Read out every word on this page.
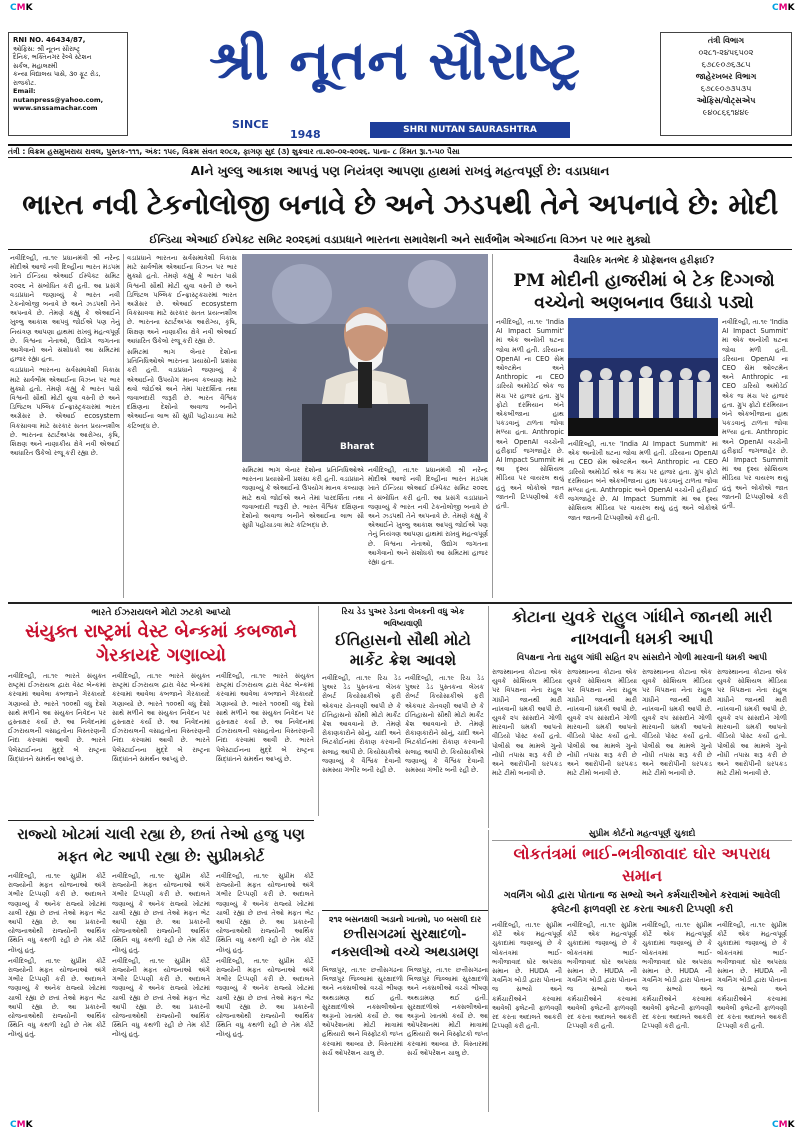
CMK	CMK
RNI NO. 46434/87,
ઓફિસ: શ્રી નૂતન સૌરાષ્ટ્ર
દૈનિક, ભક્તિનગર રેલ્વે સ્ટેશન
સર્કલ, મહાલક્ષ્મી
કન્યા વિદ્યાલય પાસે, ૩૦ ફૂટ રોડ,
રાજકોટ.
Email:
nutanpress@yahoo.com,
www.snssamachar.com
શ્રી નૂતન સૌરાષ્ટ્ર
SINCE
1948	SHRI NUTAN SAURASHTRA
તંત્રી વિભાગ
૦૨૮૧-૨૪૫૬૫૦૨
૬૭૮૯૦૭૬૩૮૫
જાહેરખબર વિભાગ
૬૭૮૯૦૭૩૫૩૫
ઓફિસ/વોટ્સએપ
૯૪૦૮૬૬૧૪૪૯
તંત્રી : વિક્રમ હસમુખરાય રાવલ, પુસ્તક-૧૧૧, અંક: ૧૫૯, વિક્રમ સંવત ૨૦૮૨, ફાગણ સુદ (૩) શુક્રવાર તા.૨૦-૦૨-૨૦૨૬. પાના- ૮ કિંમત રૂા.૧-૫૦ પૈસા
AIને ખુલ્લુ આકાશ આપવું પણ નિયંત્રણ આપણા હાથમાં રાખવું મહત્વપૂર્ણ છે: વડાપ્રધાન
ભારત નવી ટેકનોલોજી બનાવે છે અને ઝડપથી તેને અપનાવે છે: મોદી
ઈન્ડિયા એઆઈ ઈમ્પેક્ટ સમિટ ૨૦૨૬માં વડાપ્રધાને ભારતના સમાવેશની અને સાર્વભૌમ એઆઈના વિઝન પર ભાર મુક્યો

નવીદિલ્હી, તા.૧૯ પ્રધાનમંત્રી શ્રી નરેન્દ્ર મોદીએ આજે નવી દિલ્હીના ભારત મંડપમ ખાતે ઈન્ડિયા એઆઈ ઈમ્પેક્ટ સમિટ ૨૦૨૬ ને સંબોધિત કરી હતી. આ પ્રસંગે વડાપ્રધાને જણાવ્યું કે ભારત નવી ટેકનોલોજી બનાવે છે અને ઝડપથી તેને અપનાવે છે. તેમણે કહ્યું કે એઆઈને ખુલ્લુ આકાશ આપવું જોઈએ પણ તેનું નિયંત્રણ આપણા હાથમાં રાખવું મહત્વપૂર્ણ છે. વિશ્વના નેતાઓ, ઉદ્યોગ જગતના આગેવાનો અને સંશોધકો આ સમિટમાં હાજર રહ્યા હતા.

વડાપ્રધાને ભારતના સર્વસમાવેશી વિકાસ માટે સાર્વભૌમ એઆઈના વિઝન પર ભાર મુક્યો હતો. તેમણે કહ્યું કે ભારત પાસે વિશ્વની સૌથી મોટી યુવા વસ્તી છે અને ડિજિટલ પબ્લિક ઈન્ફ્રાસ્ટ્રક્ચરમાં ભારત અગ્રેસર છે. એઆઈ ecosystem વિકસાવવા માટે સરકાર સતત પ્રયત્નશીલ છે. ભારતના સ્ટાર્ટઅપ્સ આરોગ્ય, કૃષિ, શિક્ષણ અને નાણાકીય ક્ષેત્રે નવી એઆઈ આધારિત ઉકેલો રજૂ કરી રહ્યા છે.

વડાપ્રધાને ભારતના સર્વસમાવેશી વિકાસ માટે સાર્વભૌમ એઆઈના વિઝન પર ભાર મુક્યો હતો. તેમણે કહ્યું કે ભારત પાસે વિશ્વની સૌથી મોટી યુવા વસ્તી છે અને ડિજિટલ પબ્લિક ઈન્ફ્રાસ્ટ્રક્ચરમાં ભારત અગ્રેસર છે. એઆઈ ecosystem વિકસાવવા માટે સરકાર સતત પ્રયત્નશીલ છે. ભારતના સ્ટાર્ટઅપ્સ આરોગ્ય, કૃષિ, શિક્ષણ અને નાણાકીય ક્ષેત્રે નવી એઆઈ આધારિત ઉકેલો રજૂ કરી રહ્યા છે.

સમિટમાં ભાગ લેનાર દેશોના પ્રતિનિધિઓએ ભારતના પ્રયાસોની પ્રશંસા કરી હતી. વડાપ્રધાને જણાવ્યું કે એઆઈનો ઉપયોગ માનવ કલ્યાણ માટે થવો જોઈએ અને તેમાં પારદર્શિતા તથા જવાબદારી જરૂરી છે. ભારત વૈશ્વિક દક્ષિણના દેશોનો અવાજ બનીને એઆઈના લાભ સૌ સુધી પહોંચાડવા માટે કટિબદ્ધ છે.

Bharat

સમિટમાં ભાગ લેનાર દેશોના પ્રતિનિધિઓએ ભારતના પ્રયાસોની પ્રશંસા કરી હતી. વડાપ્રધાને જણાવ્યું કે એઆઈનો ઉપયોગ માનવ કલ્યાણ માટે થવો જોઈએ અને તેમાં પારદર્શિતા તથા જવાબદારી જરૂરી છે. ભારત વૈશ્વિક દક્ષિણના દેશોનો અવાજ બનીને એઆઈના લાભ સૌ સુધી પહોંચાડવા માટે કટિબદ્ધ છે.

નવીદિલ્હી, તા.૧૯ પ્રધાનમંત્રી શ્રી નરેન્દ્ર મોદીએ આજે નવી દિલ્હીના ભારત મંડપમ ખાતે ઈન્ડિયા એઆઈ ઈમ્પેક્ટ સમિટ ૨૦૨૬ ને સંબોધિત કરી હતી. આ પ્રસંગે વડાપ્રધાને જણાવ્યું કે ભારત નવી ટેકનોલોજી બનાવે છે અને ઝડપથી તેને અપનાવે છે. તેમણે કહ્યું કે એઆઈને ખુલ્લુ આકાશ આપવું જોઈએ પણ તેનું નિયંત્રણ આપણા હાથમાં રાખવું મહત્વપૂર્ણ છે. વિશ્વના નેતાઓ, ઉદ્યોગ જગતના આગેવાનો અને સંશોધકો આ સમિટમાં હાજર રહ્યા હતા.

વૈચારિક મતભેદ કે પ્રોફેશનલ હરીફાઈ?
PM મોદીની હાજરીમાં બે ટેક દિગ્ગજો વચ્ચેનો અણબનાવ ઉઘાડો પડ્યો

નવીદિલ્હી, તા.૧૯ 'India AI Impact Summit' માં એક અનોખી ઘટના જોવા મળી હતી. ડરિયાના OpenAI ના CEO સેમ ઓલ્ટમેન અને Anthropic ના CEO ડારિયો અમોડેઈ એક જ મંચ પર હાજર હતા. ગ્રુપ ફોટો દરમિયાન બંને એકબીજાના હાથ પકડવાનું ટાળતા જોવા મળ્યા હતા. Anthropic અને OpenAI વચ્ચેની હરીફાઈ જગજાહેર છે. AI Impact Summit માં આ દૃશ્ય સોશિયલ મીડિયા પર વાયરલ થયું હતું અને લોકોએ જાત જાતની ટિપ્પણીઓ કરી હતી.

નવીદિલ્હી, તા.૧૯ 'India AI Impact Summit' માં એક અનોખી ઘટના જોવા મળી હતી. ડરિયાના OpenAI ના CEO સેમ ઓલ્ટમેન અને Anthropic ના CEO ડારિયો અમોડેઈ એક જ મંચ પર હાજર હતા. ગ્રુપ ફોટો દરમિયાન બંને એકબીજાના હાથ પકડવાનું ટાળતા જોવા મળ્યા હતા. Anthropic અને OpenAI વચ્ચેની હરીફાઈ જગજાહેર છે. AI Impact Summit માં આ દૃશ્ય સોશિયલ મીડિયા પર વાયરલ થયું હતું અને લોકોએ જાત જાતની ટિપ્પણીઓ કરી હતી.

નવીદિલ્હી, તા.૧૯ 'India AI Impact Summit' માં એક અનોખી ઘટના જોવા મળી હતી. ડરિયાના OpenAI ના CEO સેમ ઓલ્ટમેન અને Anthropic ના CEO ડારિયો અમોડેઈ એક જ મંચ પર હાજર હતા. ગ્રુપ ફોટો દરમિયાન બંને એકબીજાના હાથ પકડવાનું ટાળતા જોવા મળ્યા હતા. Anthropic અને OpenAI વચ્ચેની હરીફાઈ જગજાહેર છે. AI Impact Summit માં આ દૃશ્ય સોશિયલ મીડિયા પર વાયરલ થયું હતું અને લોકોએ જાત જાતની ટિપ્પણીઓ કરી હતી.

ભારતે ઈઝરાયલને મોટો ઝટકો આપ્યો
સંયુક્ત રાષ્ટ્રમાં વેસ્ટ બેન્કમાં કબજાને ગેરકાયદે ગણાવ્યો

નવીદિલ્હી, તા.૧૯ ભારતે સંયુક્ત રાષ્ટ્રમાં ઈઝરાયલ દ્વારા વેસ્ટ બેન્કમાં કરવામાં આવેલા કબજાને ગેરકાયદે ગણાવ્યો છે. ભારતે ૧૦૦થી વધુ દેશો સાથે મળીને આ સંયુક્ત નિવેદન પર હસ્તાક્ષર કર્યા છે. આ નિવેદનમાં ઈઝરાયલની વસાહતોના વિસ્તરણની નિંદા કરવામાં આવી છે. ભારતે પેલેસ્ટાઈનના મુદ્દે બે રાષ્ટ્રના સિદ્ધાંતને સમર્થન આપ્યું છે.

નવીદિલ્હી, તા.૧૯ ભારતે સંયુક્ત રાષ્ટ્રમાં ઈઝરાયલ દ્વારા વેસ્ટ બેન્કમાં કરવામાં આવેલા કબજાને ગેરકાયદે ગણાવ્યો છે. ભારતે ૧૦૦થી વધુ દેશો સાથે મળીને આ સંયુક્ત નિવેદન પર હસ્તાક્ષર કર્યા છે. આ નિવેદનમાં ઈઝરાયલની વસાહતોના વિસ્તરણની નિંદા કરવામાં આવી છે. ભારતે પેલેસ્ટાઈનના મુદ્દે બે રાષ્ટ્રના સિદ્ધાંતને સમર્થન આપ્યું છે.

નવીદિલ્હી, તા.૧૯ ભારતે સંયુક્ત રાષ્ટ્રમાં ઈઝરાયલ દ્વારા વેસ્ટ બેન્કમાં કરવામાં આવેલા કબજાને ગેરકાયદે ગણાવ્યો છે. ભારતે ૧૦૦થી વધુ દેશો સાથે મળીને આ સંયુક્ત નિવેદન પર હસ્તાક્ષર કર્યા છે. આ નિવેદનમાં ઈઝરાયલની વસાહતોના વિસ્તરણની નિંદા કરવામાં આવી છે. ભારતે પેલેસ્ટાઈનના મુદ્દે બે રાષ્ટ્રના સિદ્ધાંતને સમર્થન આપ્યું છે.

રિચ ડેડ પુઅર ડેડના લેખકની વધુ એક ભવિષ્યવાણી
ઈતિહાસનો સૌથી મોટો માર્કેટ ક્રેશ આવશે

નવીદિલ્હી, તા.૧૯ રિચ ડેડ પુઅર ડેડ પુસ્તકના લેખક રોબર્ટ કિયોસાકીએ ફરી એકવાર ચેતવણી આપી છે કે ઈતિહાસનો સૌથી મોટો માર્કેટ ક્રેશ આવવાનો છે. તેમણે રોકાણકારોને સોનું, ચાંદી અને બિટકોઈનમાં રોકાણ કરવાની સલાહ આપી છે. કિયોસાકીએ જણાવ્યું કે વૈશ્વિક દેવાની સમસ્યા ગંભીર બની રહી છે.

નવીદિલ્હી, તા.૧૯ રિચ ડેડ પુઅર ડેડ પુસ્તકના લેખક રોબર્ટ કિયોસાકીએ ફરી એકવાર ચેતવણી આપી છે કે ઈતિહાસનો સૌથી મોટો માર્કેટ ક્રેશ આવવાનો છે. તેમણે રોકાણકારોને સોનું, ચાંદી અને બિટકોઈનમાં રોકાણ કરવાની સલાહ આપી છે. કિયોસાકીએ જણાવ્યું કે વૈશ્વિક દેવાની સમસ્યા ગંભીર બની રહી છે.

કોટાના યુવકે રાહુલ ગાંધીને જાનથી મારી નાખવાની ધમકી આપી
વિપક્ષના નેતા રાહુલ ગાંધી સહિત ૨૫ સાંસદોને ગોળી મારવાની ધમકી આપી

રાજસ્થાનના કોટાના એક યુવકે સોશિયલ મીડિયા પર વિપક્ષના નેતા રાહુલ ગાંધીને જાનથી મારી નાખવાની ધમકી આપી છે. યુવકે ૨૫ સાંસદોને ગોળી મારવાની ધમકી આપતો વીડિયો પોસ્ટ કર્યો હતો. પોલીસે આ મામલે ગુનો નોંધી તપાસ શરૂ કરી છે અને આરોપીની ધરપકડ માટે ટીમો બનાવી છે.

રાજસ્થાનના કોટાના એક યુવકે સોશિયલ મીડિયા પર વિપક્ષના નેતા રાહુલ ગાંધીને જાનથી મારી નાખવાની ધમકી આપી છે. યુવકે ૨૫ સાંસદોને ગોળી મારવાની ધમકી આપતો વીડિયો પોસ્ટ કર્યો હતો. પોલીસે આ મામલે ગુનો નોંધી તપાસ શરૂ કરી છે અને આરોપીની ધરપકડ માટે ટીમો બનાવી છે.

રાજસ્થાનના કોટાના એક યુવકે સોશિયલ મીડિયા પર વિપક્ષના નેતા રાહુલ ગાંધીને જાનથી મારી નાખવાની ધમકી આપી છે. યુવકે ૨૫ સાંસદોને ગોળી મારવાની ધમકી આપતો વીડિયો પોસ્ટ કર્યો હતો. પોલીસે આ મામલે ગુનો નોંધી તપાસ શરૂ કરી છે અને આરોપીની ધરપકડ માટે ટીમો બનાવી છે.

રાજસ્થાનના કોટાના એક યુવકે સોશિયલ મીડિયા પર વિપક્ષના નેતા રાહુલ ગાંધીને જાનથી મારી નાખવાની ધમકી આપી છે. યુવકે ૨૫ સાંસદોને ગોળી મારવાની ધમકી આપતો વીડિયો પોસ્ટ કર્યો હતો. પોલીસે આ મામલે ગુનો નોંધી તપાસ શરૂ કરી છે અને આરોપીની ધરપકડ માટે ટીમો બનાવી છે.

રાજ્યો ખોટમાં ચાલી રહ્યા છે, છતાં તેઓ હજુ પણ મફત ભેટ આપી રહ્યા છે: સુપ્રીમકોર્ટ

નવીદિલ્હી, તા.૧૯ સુપ્રીમ કોર્ટે રાજ્યોની મફત યોજનાઓ અંગે ગંભીર ટિપ્પણી કરી છે. અદાલતે જણાવ્યું કે અનેક રાજ્યો ખોટમાં ચાલી રહ્યા છે છતાં તેઓ મફત ભેટ આપી રહ્યા છે. આ પ્રકારની યોજનાઓથી રાજ્યોની આર્થિક સ્થિતિ વધુ કથળી રહી છે તેમ કોર્ટે નોંધ્યું હતું.

નવીદિલ્હી, તા.૧૯ સુપ્રીમ કોર્ટે રાજ્યોની મફત યોજનાઓ અંગે ગંભીર ટિપ્પણી કરી છે. અદાલતે જણાવ્યું કે અનેક રાજ્યો ખોટમાં ચાલી રહ્યા છે છતાં તેઓ મફત ભેટ આપી રહ્યા છે. આ પ્રકારની યોજનાઓથી રાજ્યોની આર્થિક સ્થિતિ વધુ કથળી રહી છે તેમ કોર્ટે નોંધ્યું હતું.

નવીદિલ્હી, તા.૧૯ સુપ્રીમ કોર્ટે રાજ્યોની મફત યોજનાઓ અંગે ગંભીર ટિપ્પણી કરી છે. અદાલતે જણાવ્યું કે અનેક રાજ્યો ખોટમાં ચાલી રહ્યા છે છતાં તેઓ મફત ભેટ આપી રહ્યા છે. આ પ્રકારની યોજનાઓથી રાજ્યોની આર્થિક સ્થિતિ વધુ કથળી રહી છે તેમ કોર્ટે નોંધ્યું હતું.

નવીદિલ્હી, તા.૧૯ સુપ્રીમ કોર્ટે રાજ્યોની મફત યોજનાઓ અંગે ગંભીર ટિપ્પણી કરી છે. અદાલતે જણાવ્યું કે અનેક રાજ્યો ખોટમાં ચાલી રહ્યા છે છતાં તેઓ મફત ભેટ આપી રહ્યા છે. આ પ્રકારની યોજનાઓથી રાજ્યોની આર્થિક સ્થિતિ વધુ કથળી રહી છે તેમ કોર્ટે નોંધ્યું હતું.

નવીદિલ્હી, તા.૧૯ સુપ્રીમ કોર્ટે રાજ્યોની મફત યોજનાઓ અંગે ગંભીર ટિપ્પણી કરી છે. અદાલતે જણાવ્યું કે અનેક રાજ્યો ખોટમાં ચાલી રહ્યા છે છતાં તેઓ મફત ભેટ આપી રહ્યા છે. આ પ્રકારની યોજનાઓથી રાજ્યોની આર્થિક સ્થિતિ વધુ કથળી રહી છે તેમ કોર્ટે નોંધ્યું હતું.

નવીદિલ્હી, તા.૧૯ સુપ્રીમ કોર્ટે રાજ્યોની મફત યોજનાઓ અંગે ગંભીર ટિપ્પણી કરી છે. અદાલતે જણાવ્યું કે અનેક રાજ્યો ખોટમાં ચાલી રહ્યા છે છતાં તેઓ મફત ભેટ આપી રહ્યા છે. આ પ્રકારની યોજનાઓથી રાજ્યોની આર્થિક સ્થિતિ વધુ કથળી રહી છે તેમ કોર્ટે નોંધ્યું હતું.

૨૧૨ બસનક્ષલી અડાનો ખાતમો, ૫૦ બસલી દાર
છત્તીસગઢમાં સુરક્ષાદળો-નક્સલીઓ વચ્ચે અથડામણ

બિજાપુર, તા.૧૯ છત્તીસગઢના બિજાપુર જિલ્લામાં સુરક્ષાદળો અને નક્સલીઓ વચ્ચે ભીષણ અથડામણ થઈ હતી. સુરક્ષાદળોએ નક્સલીઓના અડ્ડાનો ખાતમો કર્યો છે. આ ઓપરેશનમાં મોટી માત્રામાં હથિયારો અને વિસ્ફોટકો જપ્ત કરવામાં આવ્યા છે. વિસ્તારમાં સર્ચ ઓપરેશન ચાલુ છે.

બિજાપુર, તા.૧૯ છત્તીસગઢના બિજાપુર જિલ્લામાં સુરક્ષાદળો અને નક્સલીઓ વચ્ચે ભીષણ અથડામણ થઈ હતી. સુરક્ષાદળોએ નક્સલીઓના અડ્ડાનો ખાતમો કર્યો છે. આ ઓપરેશનમાં મોટી માત્રામાં હથિયારો અને વિસ્ફોટકો જપ્ત કરવામાં આવ્યા છે. વિસ્તારમાં સર્ચ ઓપરેશન ચાલુ છે.

સુપ્રીમ કોર્ટનો મહત્વપૂર્ણ ચુકાદો
લોકતંત્રમાં ભાઈ-ભત્રીજાવાદ ઘોર અપરાધ સમાન
ગવર્નિંગ બોડી દ્વારા પોતાના જ સભ્યો અને કર્મચારીઓને કરવામાં આવેલી ફ્લેટની ફાળવણી રદ કરતા આકરી ટિપ્પણી કરી

નવીદિલ્હી, તા.૧૯ સુપ્રીમ કોર્ટે એક મહત્વપૂર્ણ ચુકાદામાં જણાવ્યું છે કે લોકતંત્રમાં ભાઈ-ભત્રીજાવાદ ઘોર અપરાધ સમાન છે. HUDA ની ગવર્નિંગ બોડી દ્વારા પોતાના જ સભ્યો અને કર્મચારીઓને કરવામાં આવેલી ફ્લેટની ફાળવણી રદ કરતા અદાલતે આકરી ટિપ્પણી કરી હતી.

નવીદિલ્હી, તા.૧૯ સુપ્રીમ કોર્ટે એક મહત્વપૂર્ણ ચુકાદામાં જણાવ્યું છે કે લોકતંત્રમાં ભાઈ-ભત્રીજાવાદ ઘોર અપરાધ સમાન છે. HUDA ની ગવર્નિંગ બોડી દ્વારા પોતાના જ સભ્યો અને કર્મચારીઓને કરવામાં આવેલી ફ્લેટની ફાળવણી રદ કરતા અદાલતે આકરી ટિપ્પણી કરી હતી.

નવીદિલ્હી, તા.૧૯ સુપ્રીમ કોર્ટે એક મહત્વપૂર્ણ ચુકાદામાં જણાવ્યું છે કે લોકતંત્રમાં ભાઈ-ભત્રીજાવાદ ઘોર અપરાધ સમાન છે. HUDA ની ગવર્નિંગ બોડી દ્વારા પોતાના જ સભ્યો અને કર્મચારીઓને કરવામાં આવેલી ફ્લેટની ફાળવણી રદ કરતા અદાલતે આકરી ટિપ્પણી કરી હતી.

નવીદિલ્હી, તા.૧૯ સુપ્રીમ કોર્ટે એક મહત્વપૂર્ણ ચુકાદામાં જણાવ્યું છે કે લોકતંત્રમાં ભાઈ-ભત્રીજાવાદ ઘોર અપરાધ સમાન છે. HUDA ની ગવર્નિંગ બોડી દ્વારા પોતાના જ સભ્યો અને કર્મચારીઓને કરવામાં આવેલી ફ્લેટની ફાળવણી રદ કરતા અદાલતે આકરી ટિપ્પણી કરી હતી.

CMK	CMK
